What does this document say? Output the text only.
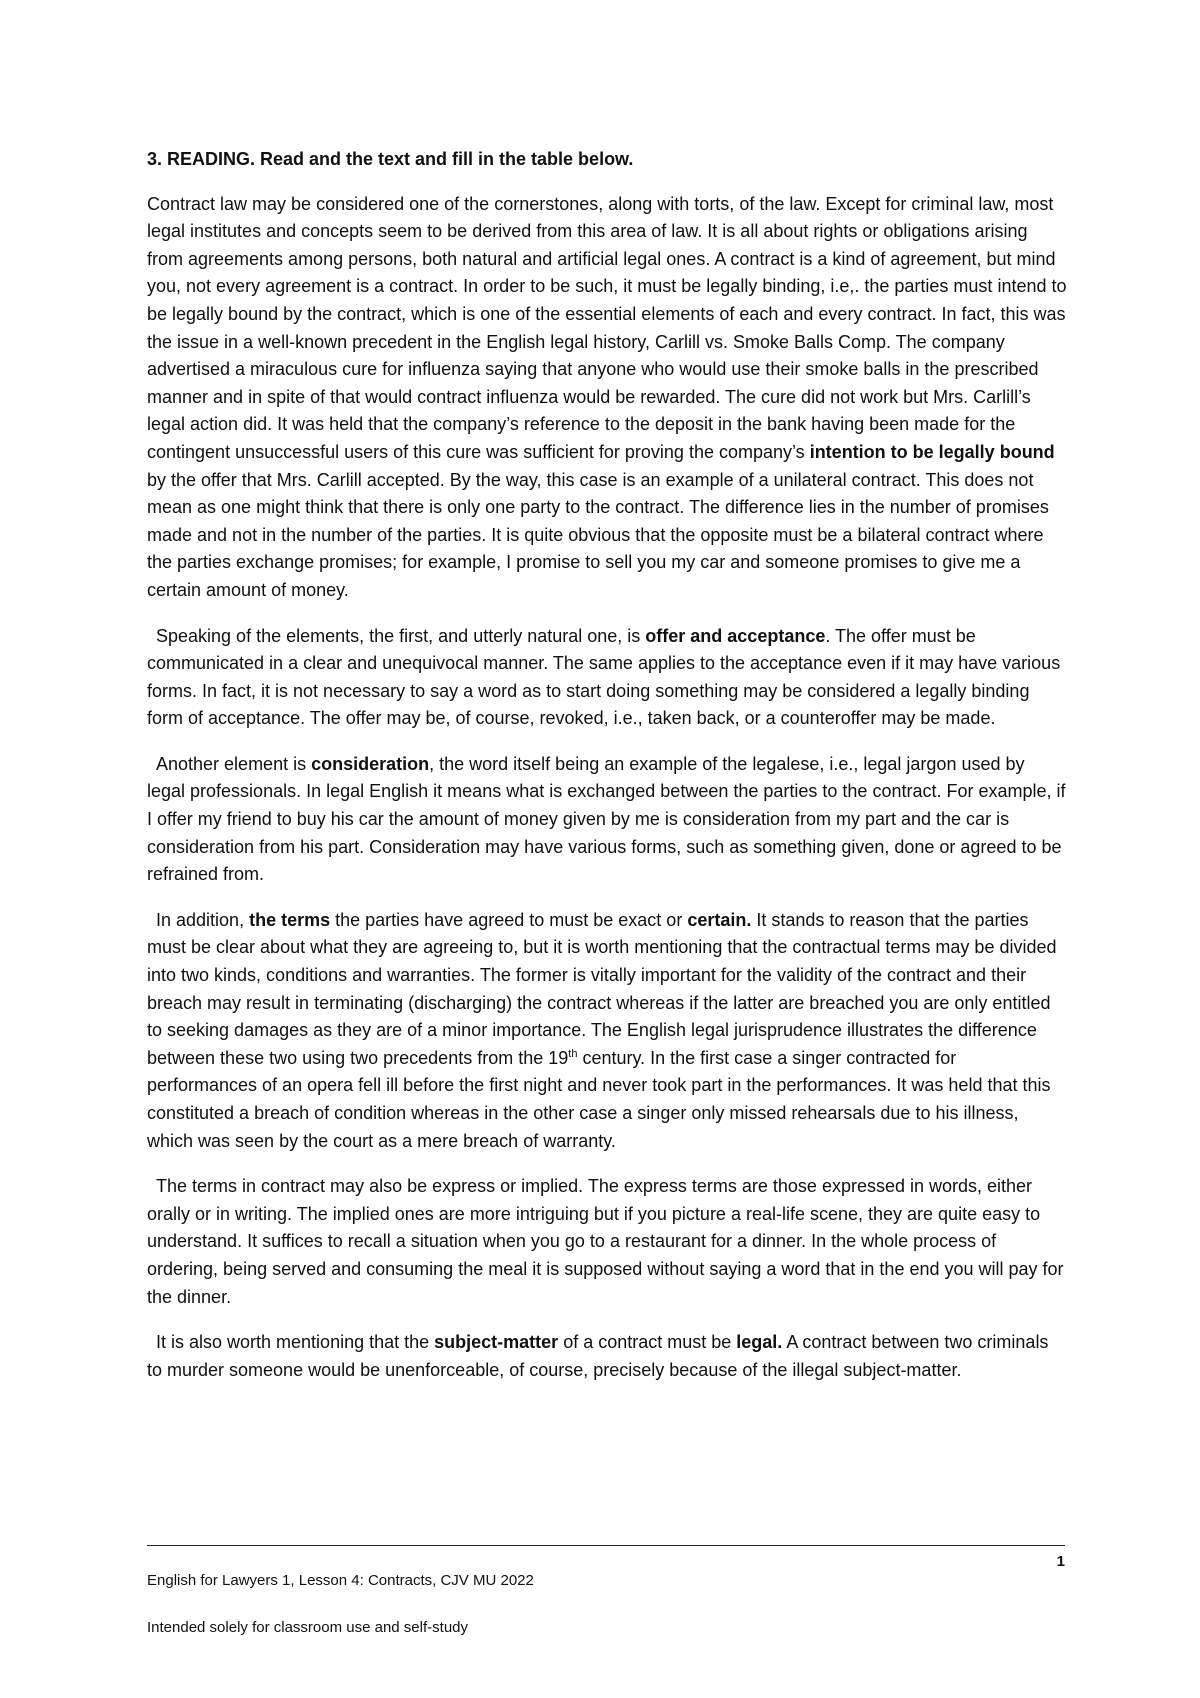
3. READING. Read and the text and fill in the table below.

Contract law may be considered one of the cornerstones, along with torts, of the law. Except for criminal law, most legal institutes and concepts seem to be derived from this area of law. It is all about rights or obligations arising from agreements among persons, both natural and artificial legal ones. A contract is a kind of agreement, but mind you, not every agreement is a contract. In order to be such, it must be legally binding, i.e,. the parties must intend to be legally bound by the contract, which is one of the essential elements of each and every contract. In fact, this was the issue in a well-known precedent in the English legal history, Carlill vs. Smoke Balls Comp. The company advertised a miraculous cure for influenza saying that anyone who would use their smoke balls in the prescribed manner and in spite of that would contract influenza would be rewarded. The cure did not work but Mrs. Carlill’s legal action did. It was held that the company’s reference to the deposit in the bank having been made for the contingent unsuccessful users of this cure was sufficient for proving the company’s intention to be legally bound by the offer that Mrs. Carlill accepted. By the way, this case is an example of a unilateral contract. This does not mean as one might think that there is only one party to the contract. The difference lies in the number of promises made and not in the number of the parties. It is quite obvious that the opposite must be a bilateral contract where the parties exchange promises; for example, I promise to sell you my car and someone promises to give me a certain amount of money.

Speaking of the elements, the first, and utterly natural one, is offer and acceptance. The offer must be communicated in a clear and unequivocal manner. The same applies to the acceptance even if it may have various forms. In fact, it is not necessary to say a word as to start doing something may be considered a legally binding form of acceptance. The offer may be, of course, revoked, i.e., taken back, or a counteroffer may be made.

Another element is consideration, the word itself being an example of the legalese, i.e., legal jargon used by legal professionals. In legal English it means what is exchanged between the parties to the contract. For example, if I offer my friend to buy his car the amount of money given by me is consideration from my part and the car is consideration from his part. Consideration may have various forms, such as something given, done or agreed to be refrained from.

In addition, the terms the parties have agreed to must be exact or certain. It stands to reason that the parties must be clear about what they are agreeing to, but it is worth mentioning that the contractual terms may be divided into two kinds, conditions and warranties. The former is vitally important for the validity of the contract and their breach may result in terminating (discharging) the contract whereas if the latter are breached you are only entitled to seeking damages as they are of a minor importance. The English legal jurisprudence illustrates the difference between these two using two precedents from the 19th century. In the first case a singer contracted for performances of an opera fell ill before the first night and never took part in the performances. It was held that this constituted a breach of condition whereas in the other case a singer only missed rehearsals due to his illness, which was seen by the court as a mere breach of warranty.

The terms in contract may also be express or implied. The express terms are those expressed in words, either orally or in writing. The implied ones are more intriguing but if you picture a real-life scene, they are quite easy to understand. It suffices to recall a situation when you go to a restaurant for a dinner. In the whole process of ordering, being served and consuming the meal it is supposed without saying a word that in the end you will pay for the dinner.

It is also worth mentioning that the subject-matter of a contract must be legal. A contract between two criminals to murder someone would be unenforceable, of course, precisely because of the illegal subject-matter.

1
English for Lawyers 1, Lesson 4: Contracts, CJV MU 2022
Intended solely for classroom use and self-study
